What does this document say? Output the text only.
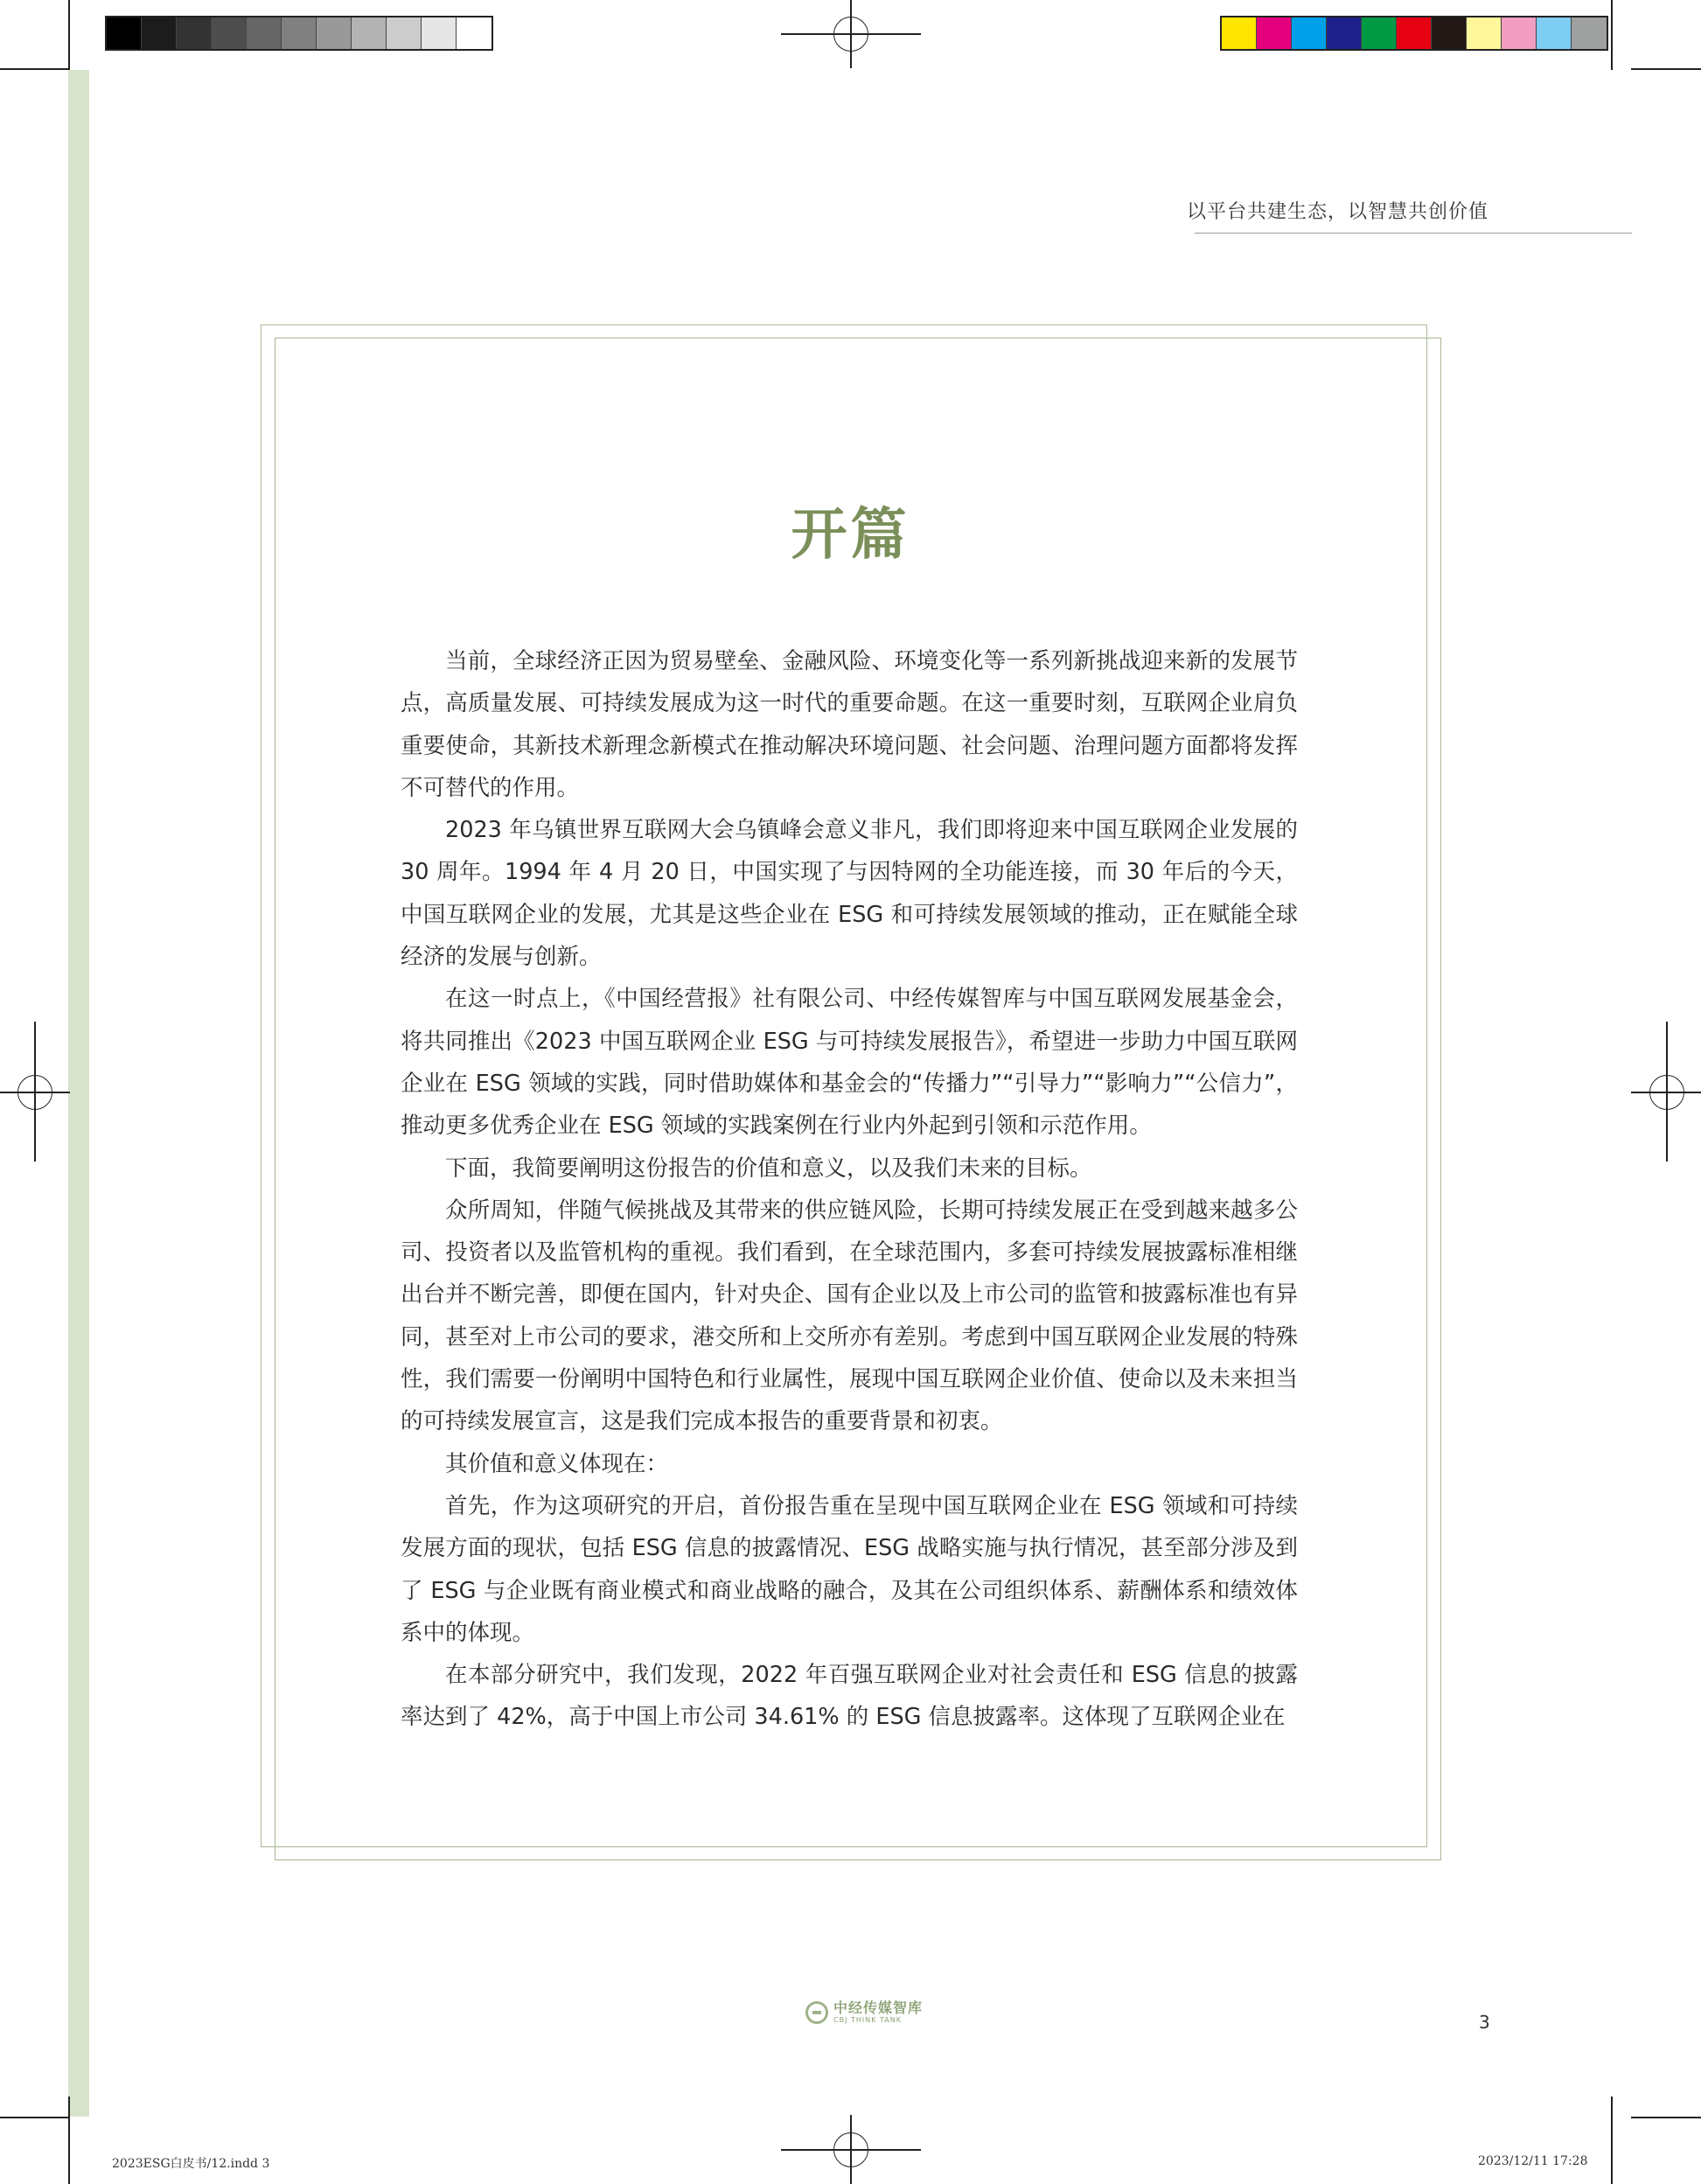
以平台共建生态，以智慧共创价值
开篇

当前，全球经济正因为贸易壁垒、金融风险、环境变化等一系列新挑战迎来新的发展节点，高质量发展、可持续发展成为这一时代的重要命题。在这一重要时刻，互联网企业肩负重要使命，其新技术新理念新模式在推动解决环境问题、社会问题、治理问题方面都将发挥不可替代的作用。

2023 年乌镇世界互联网大会乌镇峰会意义非凡，我们即将迎来中国互联网企业发展的 30 周年。1994 年 4 月 20 日，中国实现了与因特网的全功能连接，而 30 年后的今天，中国互联网企业的发展，尤其是这些企业在 ESG 和可持续发展领域的推动，正在赋能全球经济的发展与创新。

在这一时点上，《中国经营报》社有限公司、中经传媒智库与中国互联网发展基金会，将共同推出《2023 中国互联网企业 ESG 与可持续发展报告》，希望进一步助力中国互联网企业在 ESG 领域的实践，同时借助媒体和基金会的“传播力”“引导力”“影响力”“公信力”，推动更多优秀企业在 ESG 领域的实践案例在行业内外起到引领和示范作用。

下面，我简要阐明这份报告的价值和意义，以及我们未来的目标。

众所周知，伴随气候挑战及其带来的供应链风险，长期可持续发展正在受到越来越多公司、投资者以及监管机构的重视。我们看到，在全球范围内，多套可持续发展披露标准相继出台并不断完善，即便在国内，针对央企、国有企业以及上市公司的监管和披露标准也有异同，甚至对上市公司的要求，港交所和上交所亦有差别。考虑到中国互联网企业发展的特殊性，我们需要一份阐明中国特色和行业属性，展现中国互联网企业价值、使命以及未来担当的可持续发展宣言，这是我们完成本报告的重要背景和初衷。

其价值和意义体现在：

首先，作为这项研究的开启，首份报告重在呈现中国互联网企业在 ESG 领域和可持续发展方面的现状，包括 ESG 信息的披露情况、ESG 战略实施与执行情况，甚至部分涉及到了 ESG 与企业既有商业模式和商业战略的融合，及其在公司组织体系、薪酬体系和绩效体系中的体现。

在本部分研究中，我们发现，2022 年百强互联网企业对社会责任和 ESG 信息的披露率达到了 42%，高于中国上市公司 34.61% 的 ESG 信息披露率。这体现了互联网企业在

中经传媒智库
CBJ THINK TANK	3
2023ESG白皮书/12.indd 3	2023/12/11 17:28
